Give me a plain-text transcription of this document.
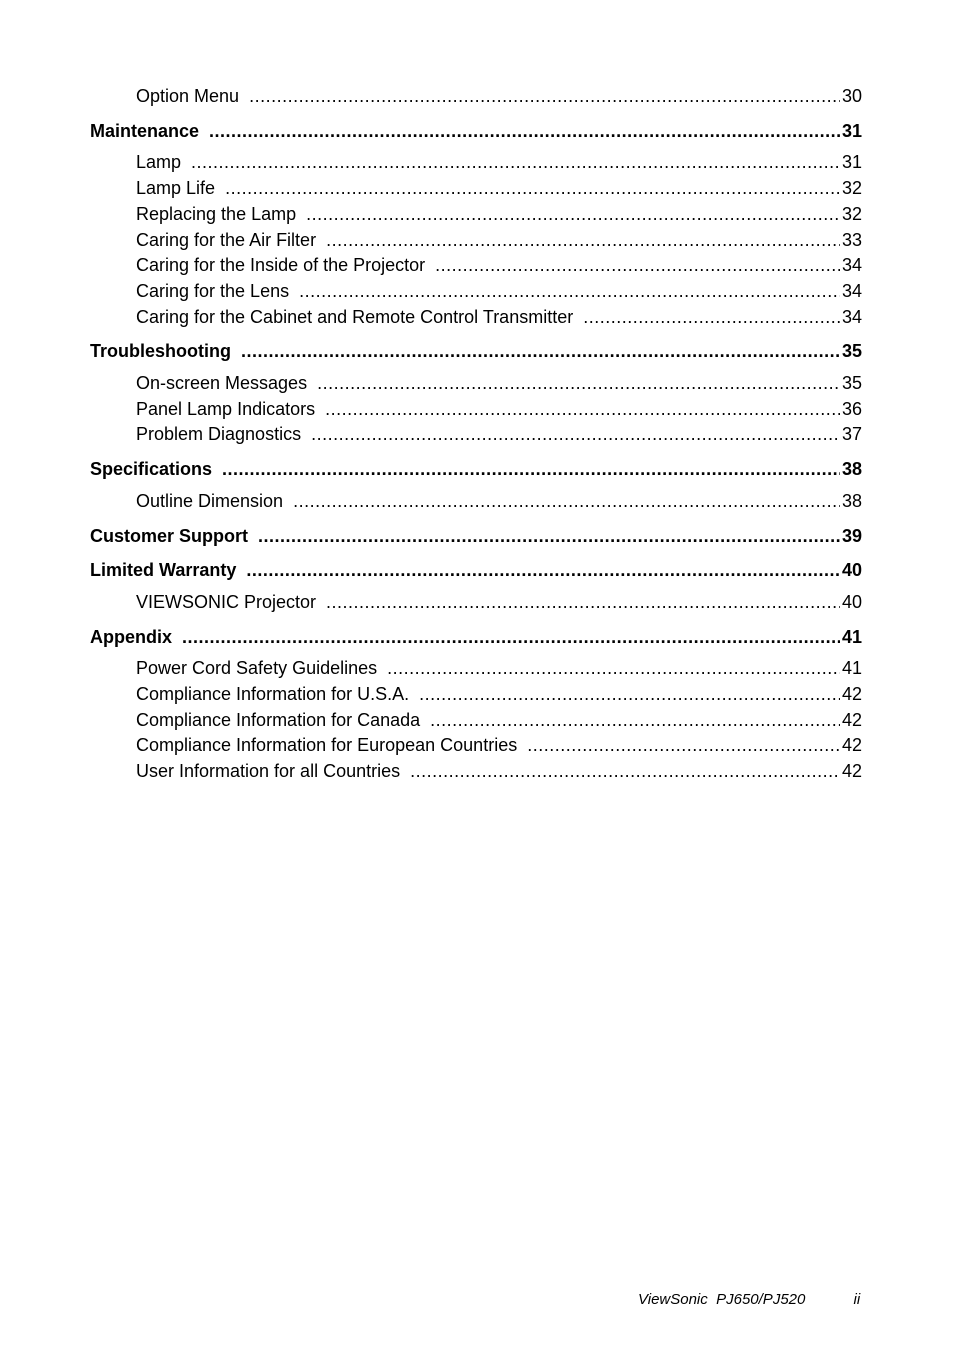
Option Menu .....	30
Maintenance .....	31
Lamp .....	31
Lamp Life .....	32
Replacing the Lamp .....	32
Caring for the Air Filter .....	33
Caring for the Inside of the Projector .....	34
Caring for the Lens .....	34
Caring for the Cabinet and Remote Control Transmitter .....	34
Troubleshooting .....	35
On-screen Messages .....	35
Panel Lamp Indicators .....	36
Problem Diagnostics .....	37
Specifications .....	38
Outline Dimension .....	38
Customer Support .....	39
Limited Warranty .....	40
VIEWSONIC Projector .....	40
Appendix .....	41
Power Cord Safety Guidelines .....	41
Compliance Information for U.S.A. .....	42
Compliance Information for Canada .....	42
Compliance Information for European Countries .....	42
User Information for all Countries .....	42
ViewSonic PJ650/PJ520	ii
